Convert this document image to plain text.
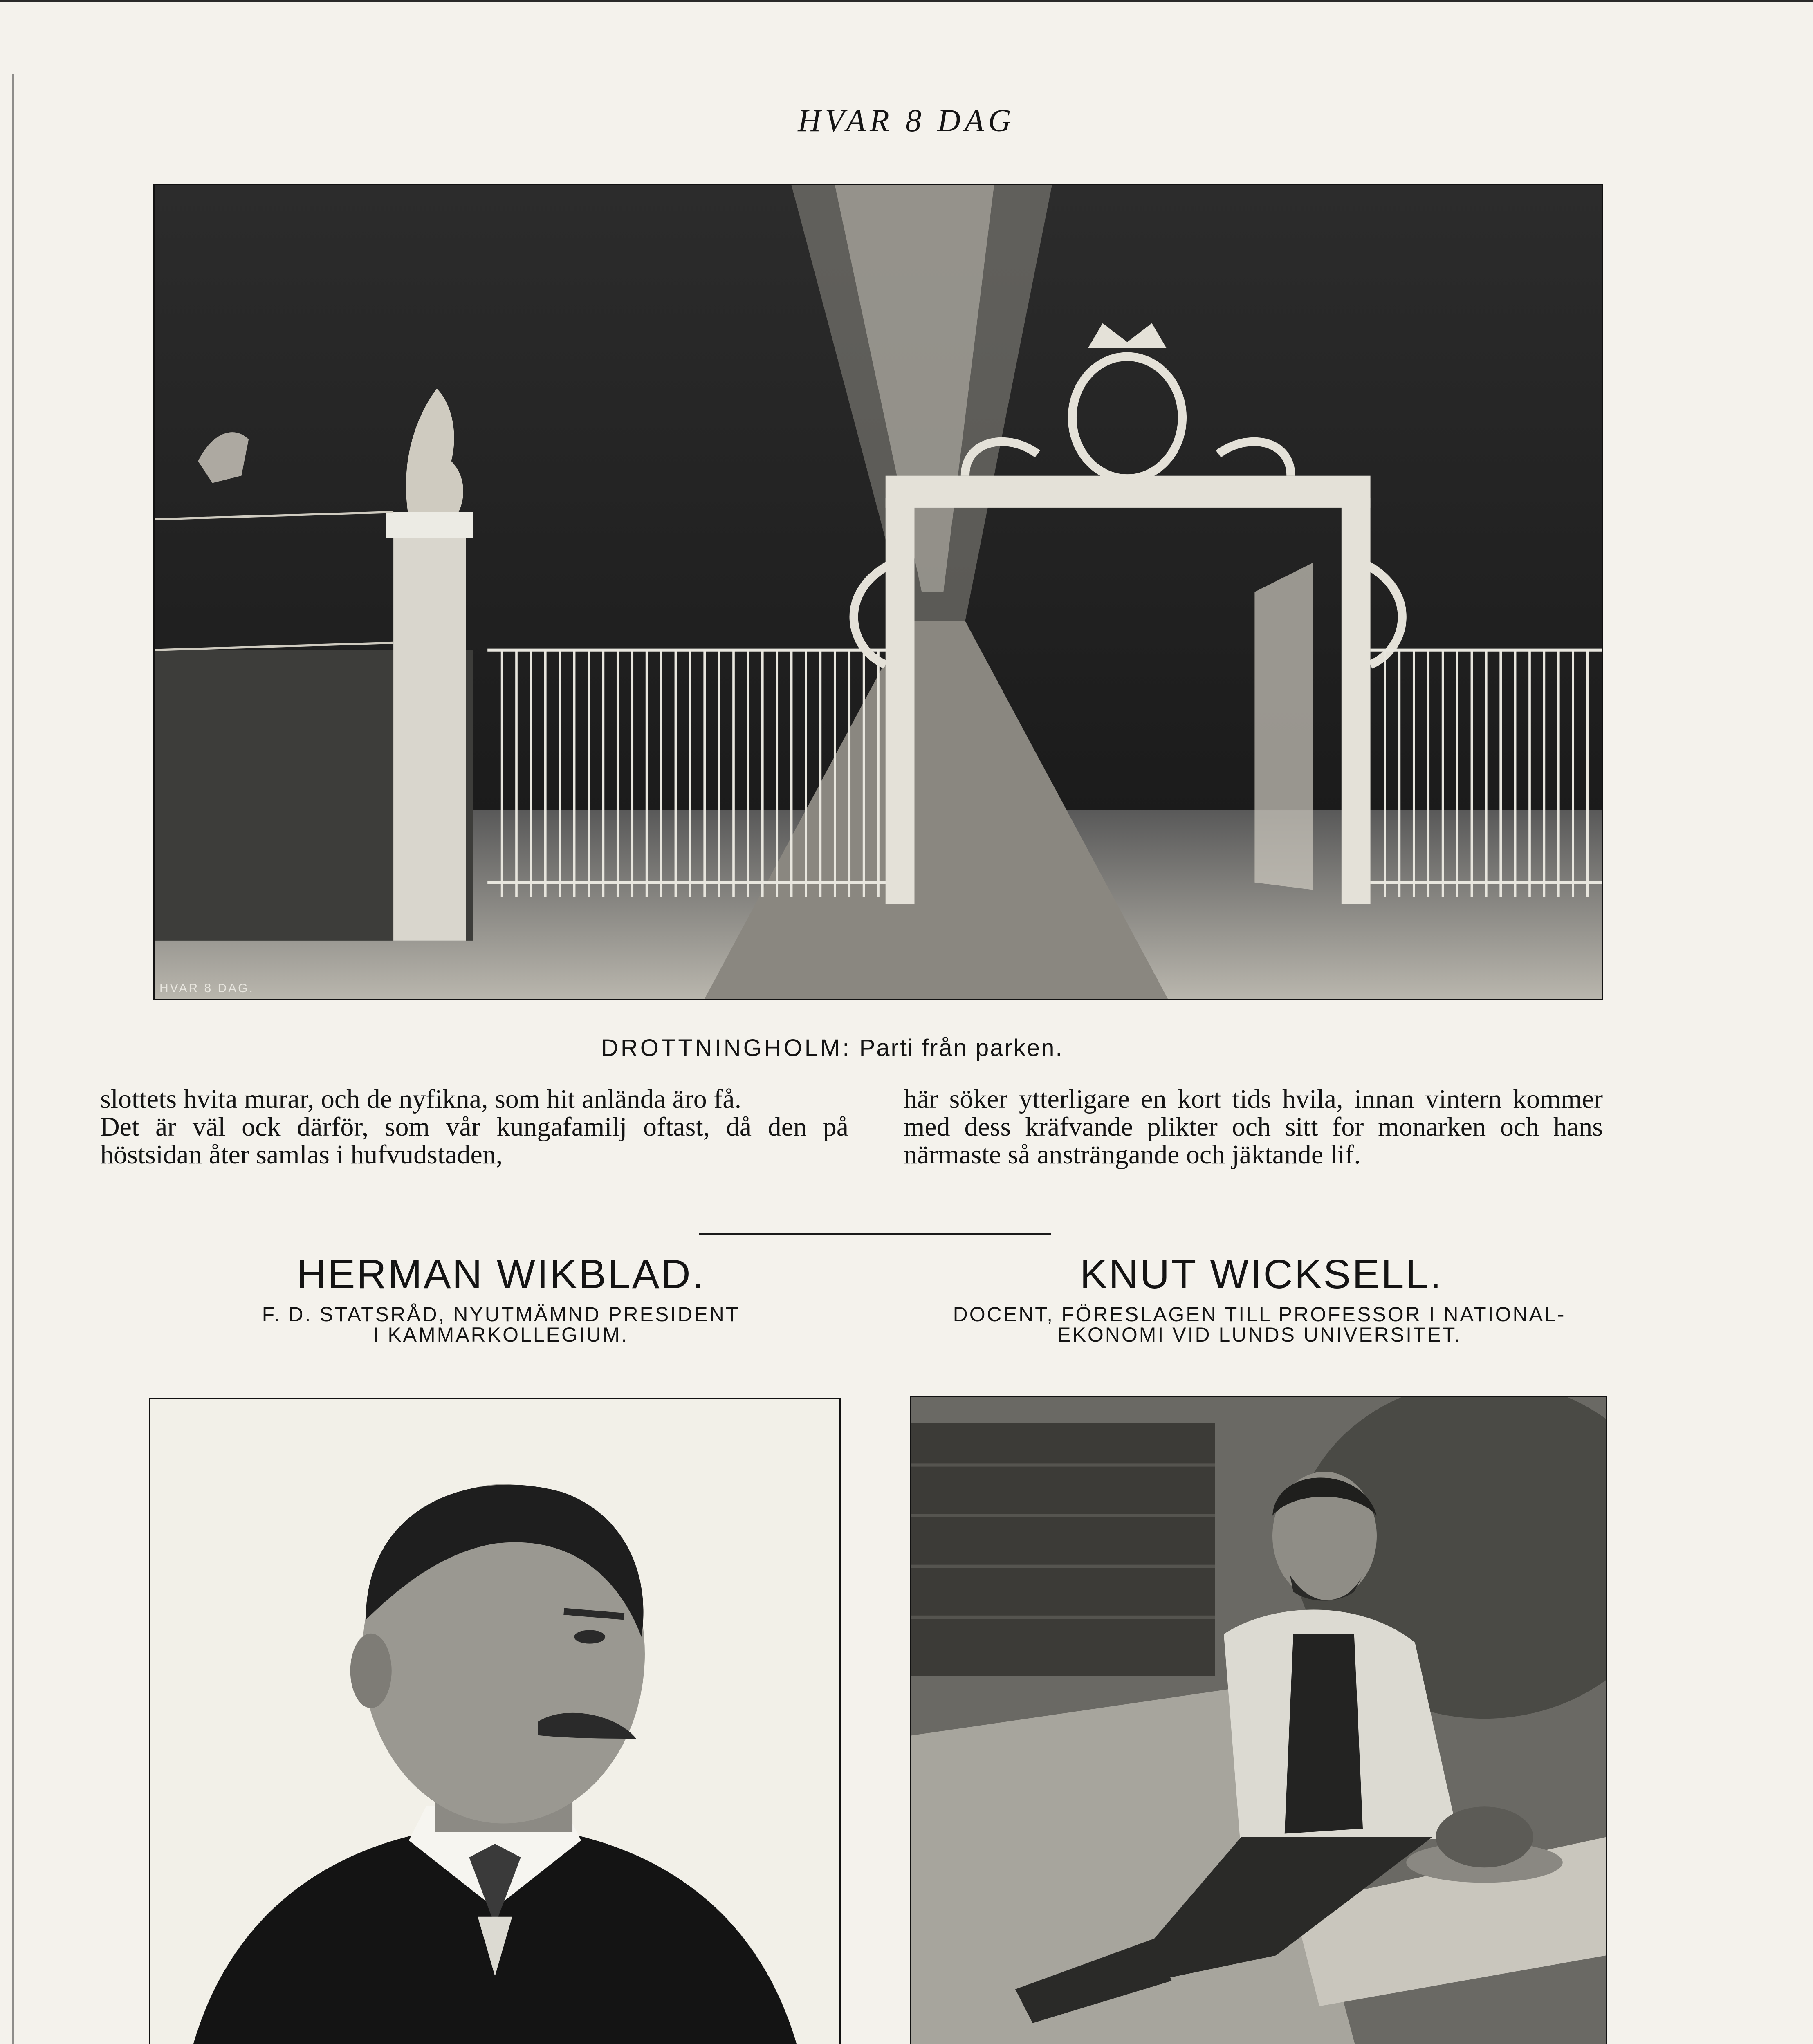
HVAR 8 DAG
HVAR 8 DAG.
DROTTNINGHOLM: Parti från parken.
slottets hvita murar, och de nyfikna, som hit anlända äro få.
Det är väl ock därför, som vår kungafamilj oftast, då den på höstsidan åter samlas i hufvudstaden,
här söker ytterligare en kort tids hvila, innan vintern kommer med dess kräfvande plikter och sitt for monarken och hans närmaste så ansträngande och jäktande lif.
HERMAN WIKBLAD.
F. D. STATSRÅD, NYUTMÄMND PRESIDENT
I KAMMARKOLLEGIUM.
KNUT WICKSELL.
DOCENT, FÖRESLAGEN TILL PROFESSOR I NATIONAL-
EKONOMI VID LUNDS UNIVERSITET.
